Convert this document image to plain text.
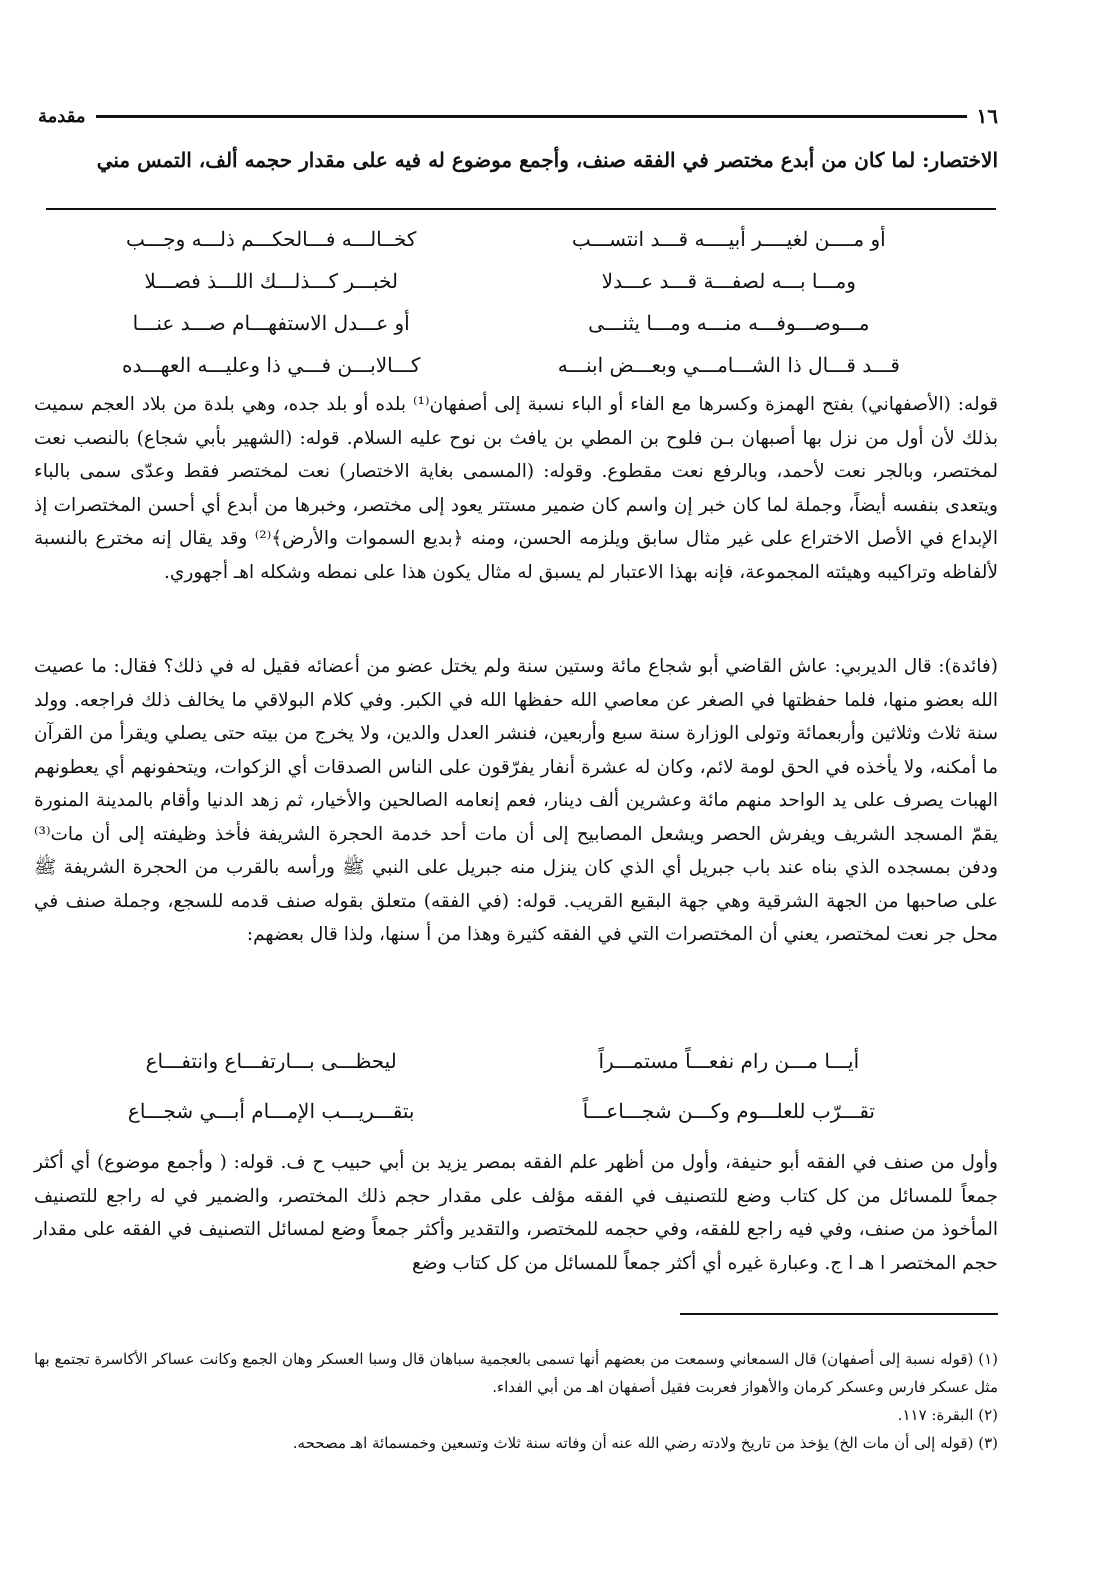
١٦
مقدمة
الاختصار: لما كان من أبدع مختصر في الفقه صنف، وأجمع موضوع له فيه على مقدار حجمه ألف، التمس مني
أو مــــن لغيــــر أبيــــه قـــد انتســـب
كخــالـــه فـــالحكـــم ذلـــه وجـــب
ومـــا بـــه لصفـــة قـــد عـــدلا
لخبـــر كـــذلـــك اللـــذ فصـــلا
مـــوصـــوفـــه منـــه ومـــا يثنـــى
أو عـــدل الاستفهـــام صـــد عنـــا
قـــد قـــال ذا الشـــامـــي وبعـــض ابنـــه
كـــالابـــن فـــي ذا وعليـــه العهـــده
قوله: (الأصفهاني) بفتح الهمزة وكسرها مع الفاء أو الباء نسبة إلى أصفهان⁽¹⁾ بلده أو بلد جده، وهي بلدة من بلاد العجم سميت بذلك لأن أول من نزل بها أصبهان بـن فلوح بن المطي بن يافث بن نوح عليه السلام. قوله: (الشهير بأبي شجاع) بالنصب نعت لمختصر، وبالجر نعت لأحمد، وبالرفع نعت مقطوع. وقوله: (المسمى بغاية الاختصار) نعت لمختصر فقط وعدّى سمى بالباء ويتعدى بنفسه أيضاً، وجملة لما كان خبر إن واسم كان ضمير مستتر يعود إلى مختصر، وخبرها من أبدع أي أحسن المختصرات إذ الإبداع في الأصل الاختراع على غير مثال سابق ويلزمه الحسن، ومنه ﴿بديع السموات والأرض﴾⁽²⁾ وقد يقال إنه مخترع بالنسبة لألفاظه وتراكيبه وهيئته المجموعة، فإنه بهذا الاعتبار لم يسبق له مثال يكون هذا على نمطه وشكله اهـ أجهوري.
(فائدة): قال الديربي: عاش القاضي أبو شجاع مائة وستين سنة ولم يختل عضو من أعضائه فقيل له في ذلك؟ فقال: ما عصيت الله بعضو منها، فلما حفظتها في الصغر عن معاصي الله حفظها الله في الكبر. وفي كلام البولاقي ما يخالف ذلك فراجعه. وولد سنة ثلاث وثلاثين وأربعمائة وتولى الوزارة سنة سبع وأربعين، فنشر العدل والدين، ولا يخرج من بيته حتى يصلي ويقرأ من القرآن ما أمكنه، ولا يأخذه في الحق لومة لائم، وكان له عشرة أنفار يفرّقون على الناس الصدقات أي الزكوات، ويتحفونهم أي يعطونهم الهبات يصرف على يد الواحد منهم مائة وعشرين ألف دينار، فعم إنعامه الصالحين والأخيار، ثم زهد الدنيا وأقام بالمدينة المنورة يقمّ المسجد الشريف ويفرش الحصر ويشعل المصابيح إلى أن مات أحد خدمة الحجرة الشريفة فأخذ وظيفته إلى أن مات⁽³⁾ ودفن بمسجده الذي بناه عند باب جبريل أي الذي كان ينزل منه جبريل على النبي ﷺ ورأسه بالقرب من الحجرة الشريفة ﷺ على صاحبها من الجهة الشرقية وهي جهة البقيع القريب. قوله: (في الفقه) متعلق بقوله صنف قدمه للسجع، وجملة صنف في محل جر نعت لمختصر، يعني أن المختصرات التي في الفقه كثيرة وهذا من أ سنها، ولذا قال بعضهم:
أيـــا مـــن رام نفعـــاً مستمـــراً
ليحظـــى بـــارتفـــاع وانتفـــاع
تقـــرّب للعلـــوم وكـــن شجـــاعـــاً
بتقـــريـــب الإمـــام أبـــي شجـــاع
وأول من صنف في الفقه أبو حنيفة، وأول من أظهر علم الفقه بمصر يزيد بن أبي حبيب ح ف. قوله: ( وأجمع موضوع) أي أكثر جمعاً للمسائل من كل كتاب وضع للتصنيف في الفقه مؤلف على مقدار حجم ذلك المختصر، والضمير في له راجع للتصنيف المأخوذ من صنف، وفي فيه راجع للفقه، وفي حجمه للمختصر، والتقدير وأكثر جمعاً وضع لمسائل التصنيف في الفقه على مقدار حجم المختصر ا هـ ا ج. وعبارة غيره أي أكثر جمعاً للمسائل من كل كتاب وضع

(١) (قوله نسبة إلى أصفهان) قال السمعاني وسمعت من بعضهم أنها تسمى بالعجمية سباهان قال وسبا العسكر وهان الجمع وكانت عساكر الأكاسرة تجتمع بها مثل عسكر فارس وعسكر كرمان والأهواز فعربت فقيل أصفهان اهـ من أبي الفداء.

(٢) البقرة: ١١٧.

(٣) (قوله إلى أن مات الخ) يؤخذ من تاريخ ولادته رضي الله عنه أن وفاته سنة ثلاث وتسعين وخمسمائة اهـ مصححه.
